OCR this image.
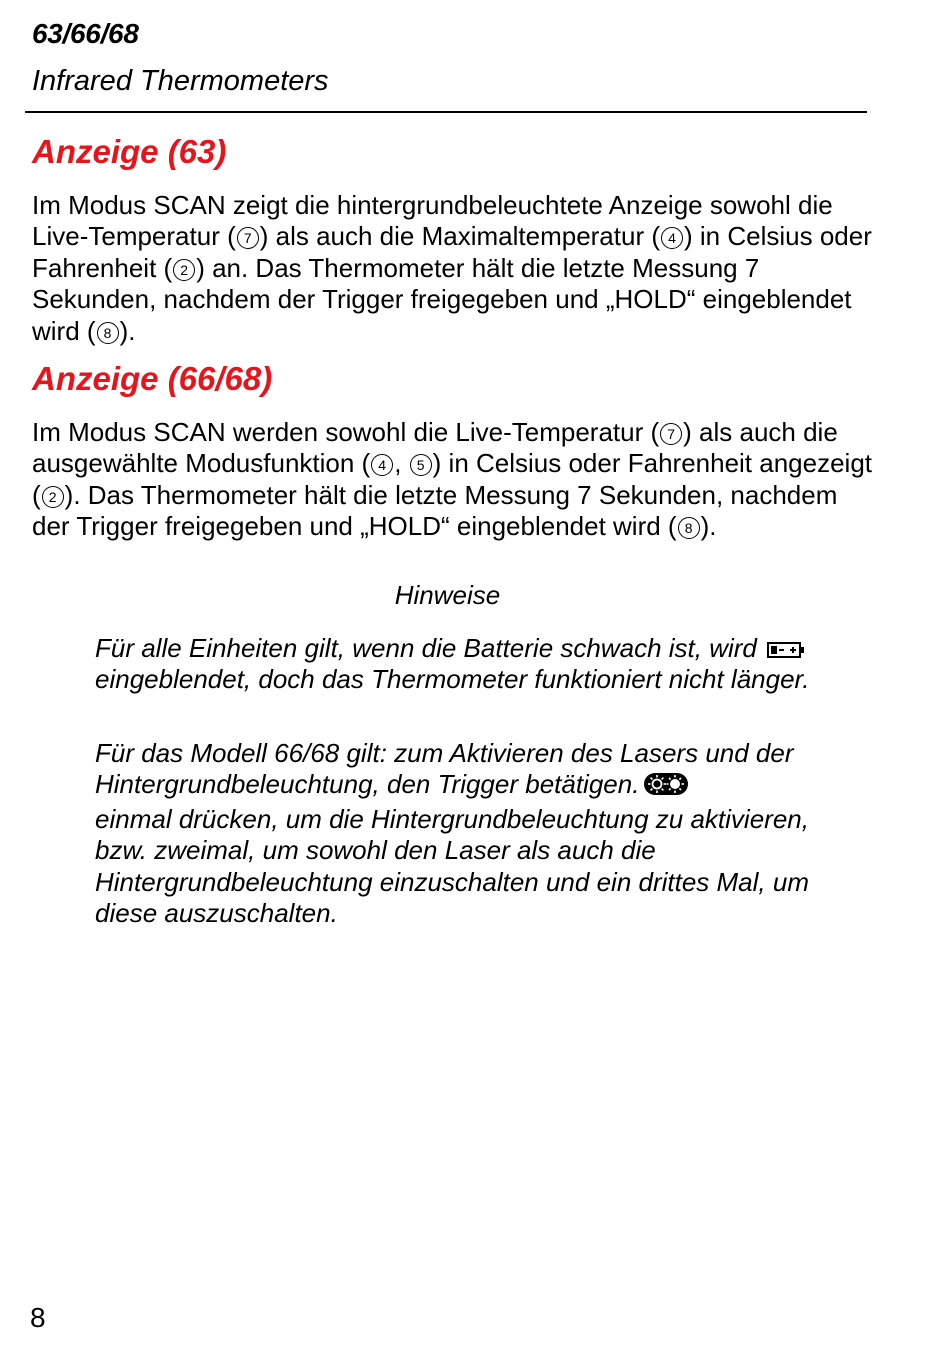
63/66/68
Infrared Thermometers
Anzeige (63)

Im Modus SCAN zeigt die hintergrundbeleuchtete Anzeige sowohl die Live-Temperatur ( 7 ) als auch die Maximaltemperatur ( 4 ) in Celsius oder Fahrenheit ( 2 ) an. Das Thermometer hält die letzte Messung 7 Sekunden, nachdem der Trigger freigegeben und „HOLD“ eingeblendet wird ( 8 ).

Anzeige (66/68)

Im Modus SCAN werden sowohl die Live-Temperatur ( 7 ) als auch die ausgewählte Modusfunktion ( 4 , 5 ) in Celsius oder Fahrenheit angezeigt ( 2 ). Das Thermometer hält die letzte Messung 7 Sekunden, nachdem der Trigger freigegeben und „HOLD“ eingeblendet wird ( 8 ).

Hinweise

Für alle Einheiten gilt, wenn die Batterie schwach ist, wird
eingeblendet, doch das Thermometer funktioniert nicht länger.

Für das Modell 66/68 gilt: zum Aktivieren des Lasers und der Hintergrundbeleuchtung, den Trigger betätigen.
einmal drücken, um die Hintergrundbeleuchtung zu aktivieren, bzw. zweimal, um sowohl den Laser als auch die Hintergrundbeleuchtung einzuschalten und ein drittes Mal, um diese auszuschalten.

8
